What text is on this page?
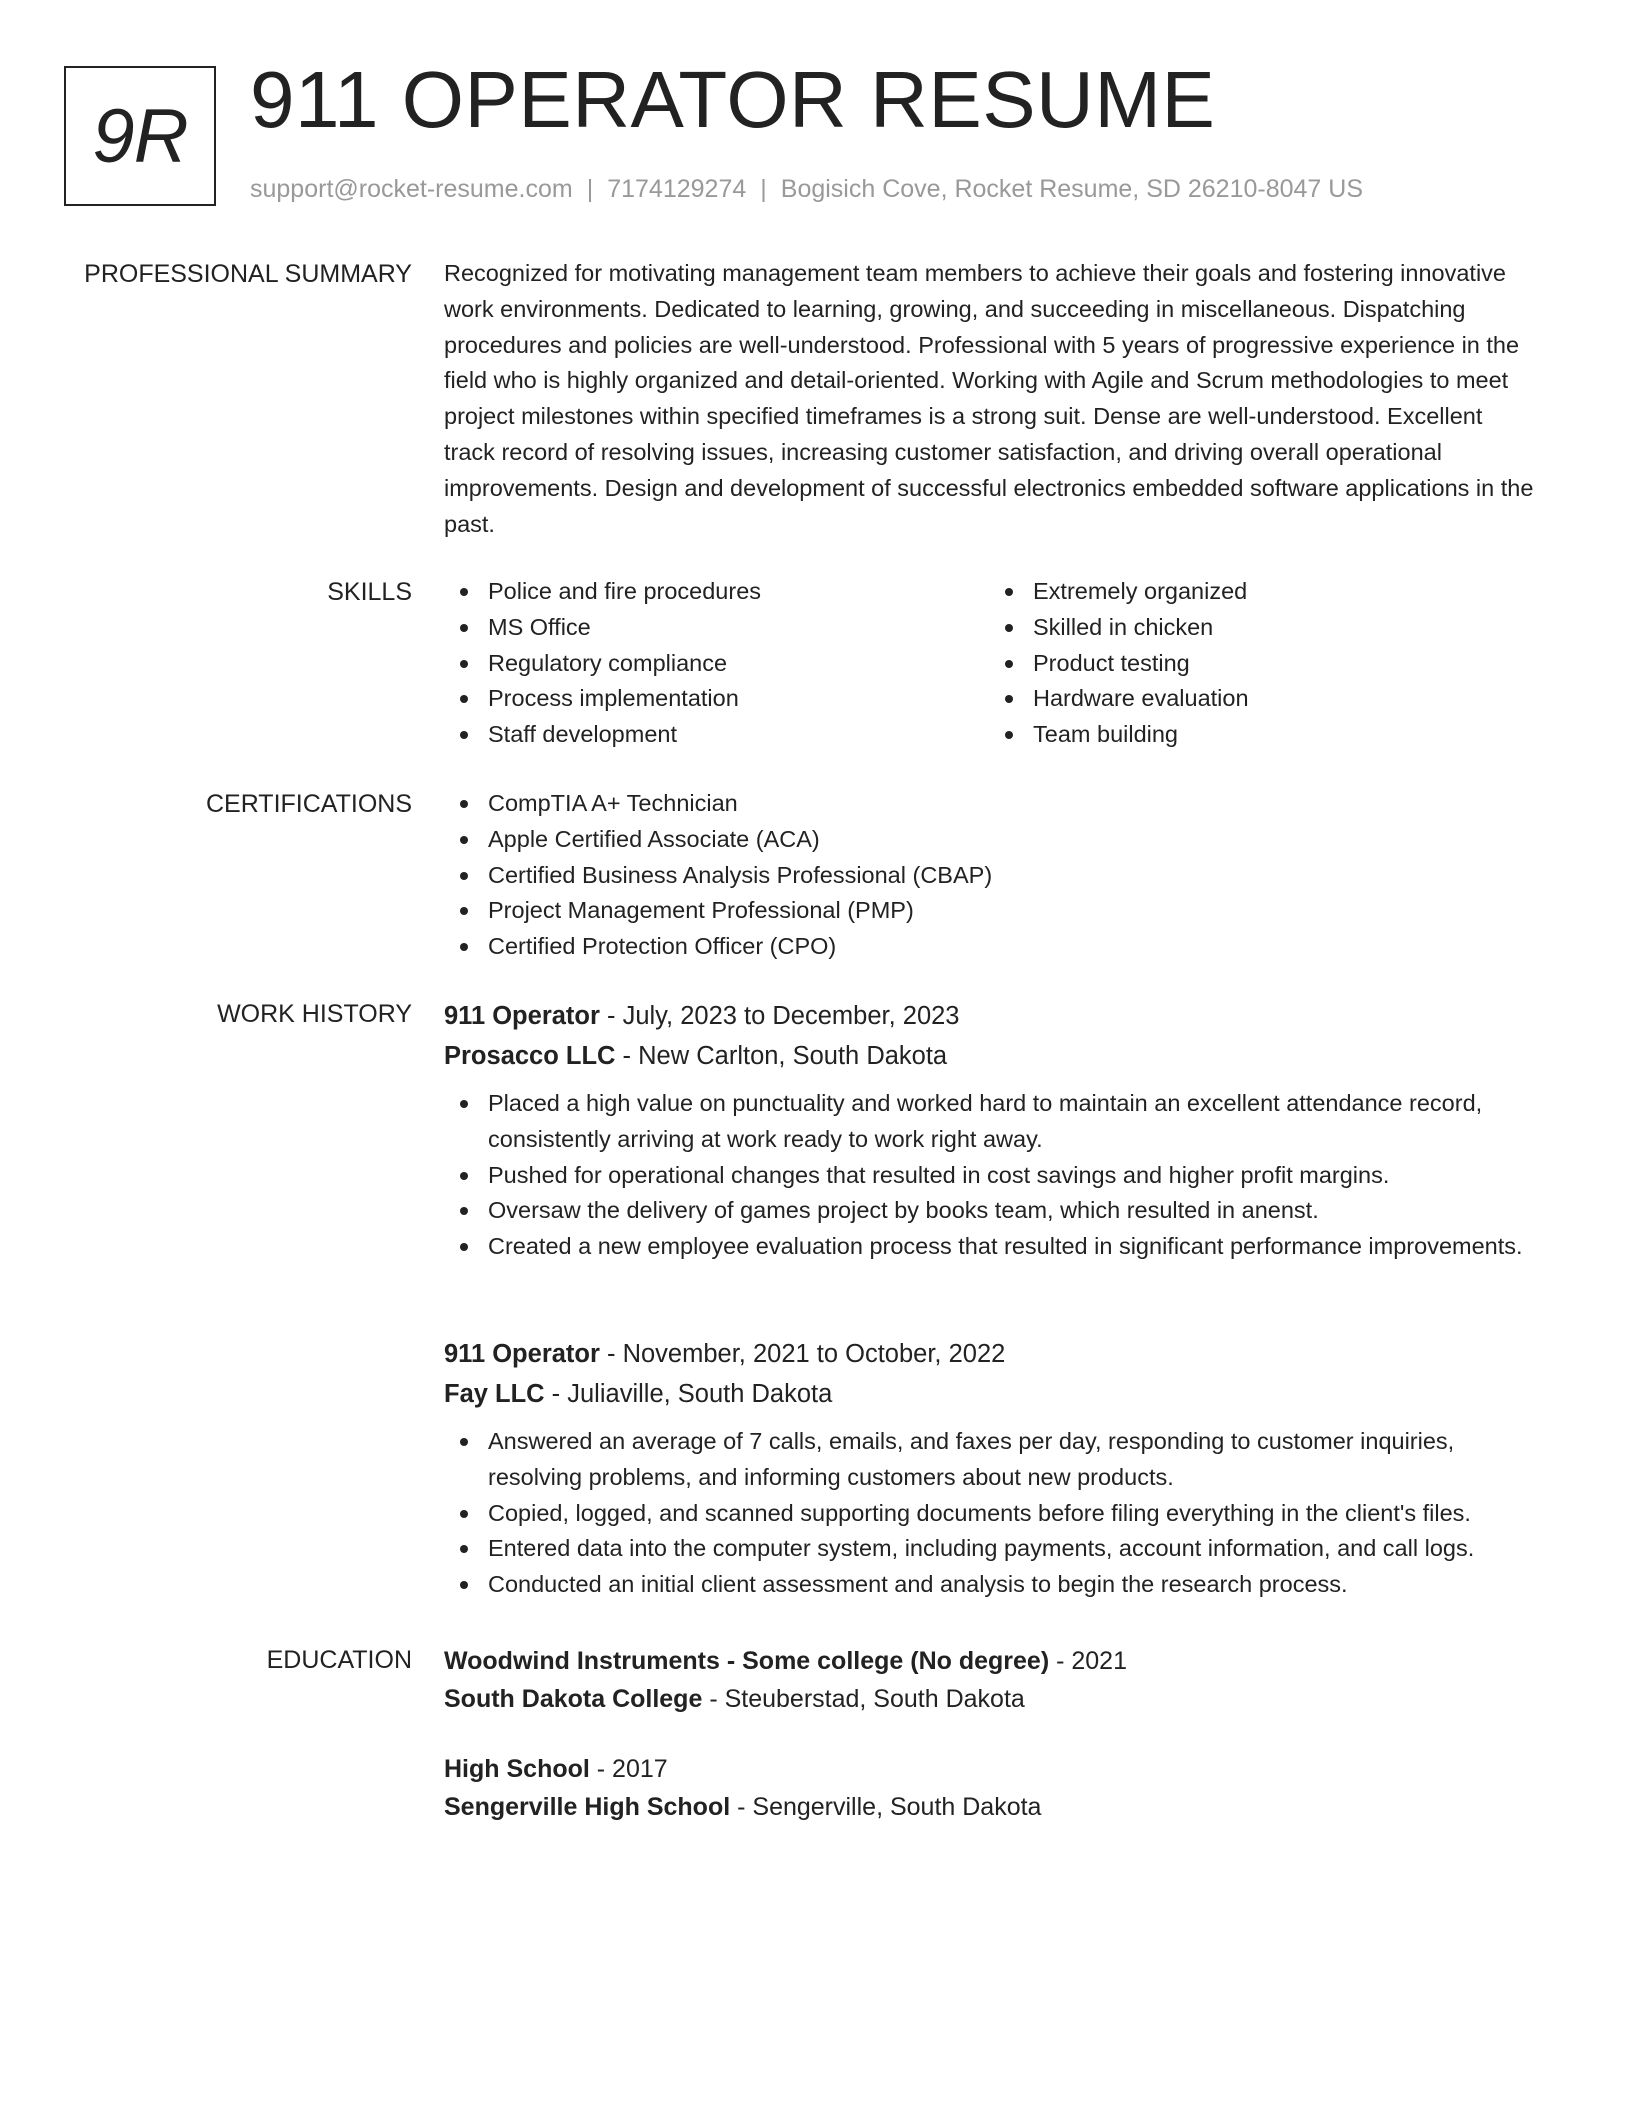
9R 911 OPERATOR RESUME
support@rocket-resume.com | 7174129274 | Bogisich Cove, Rocket Resume, SD 26210-8047 US
PROFESSIONAL SUMMARY Recognized for motivating management team members to achieve their goals and fostering innovative work environments. Dedicated to learning, growing, and succeeding in miscellaneous. Dispatching procedures and policies are well-understood. Professional with 5 years of progressive experience in the field who is highly organized and detail-oriented. Working with Agile and Scrum methodologies to meet project milestones within specified timeframes is a strong suit. Dense are well-understood. Excellent track record of resolving issues, increasing customer satisfaction, and driving overall operational improvements. Design and development of successful electronics embedded software applications in the past.

SKILLS	Police and fire procedures
MS Office
Regulatory compliance
Process implementation
Staff development
Extremely organized
Skilled in chicken
Product testing
Hardware evaluation
Team building
CERTIFICATIONS	CompTIA A+ Technician
Apple Certified Associate (ACA)
Certified Business Analysis Professional (CBAP)
Project Management Professional (PMP)
Certified Protection Officer (CPO)
WORK HISTORY 911 Operator - July, 2023 to December, 2023
Prosacco LLC - New Carlton, South Dakota
Placed a high value on punctuality and worked hard to maintain an excellent attendance record, consistently arriving at work ready to work right away.
Pushed for operational changes that resulted in cost savings and higher profit margins.
Oversaw the delivery of games project by books team, which resulted in anenst.
Created a new employee evaluation process that resulted in significant performance improvements.
911 Operator - November, 2021 to October, 2022
Fay LLC - Juliaville, South Dakota
Answered an average of 7 calls, emails, and faxes per day, responding to customer inquiries, resolving problems, and informing customers about new products.
Copied, logged, and scanned supporting documents before filing everything in the client's files.
Entered data into the computer system, including payments, account information, and call logs.
Conducted an initial client assessment and analysis to begin the research process.
EDUCATION Woodwind Instruments - Some college (No degree) - 2021
South Dakota College - Steuberstad, South Dakota
High School - 2017
Sengerville High School - Sengerville, South Dakota
